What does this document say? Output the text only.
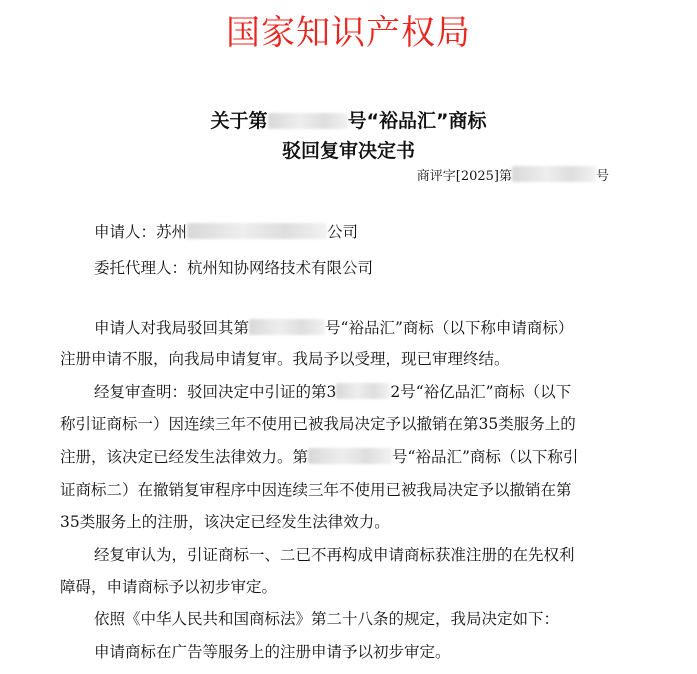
国家知识产权局
关于第	号“裕品汇”商标
驳回复审决定书
商评字[2025]第	号
申请人：苏州	公司
委托代理人：杭州知协网络技术有限公司
申请人对我局驳回其第	号“裕品汇”商标（以下称申请商标）
注册申请不服，向我局申请复审。我局予以受理，现已审理终结。
经复审查明：驳回决定中引证的第3	2号“裕亿品汇”商标（以下
称引证商标一）因连续三年不使用已被我局决定予以撤销在第35类服务上的
注册，该决定已经发生法律效力。第	号“裕品汇”商标（以下称引
证商标二）在撤销复审程序中因连续三年不使用已被我局决定予以撤销在第
35类服务上的注册，该决定已经发生法律效力。
经复审认为，引证商标一、二已不再构成申请商标获准注册的在先权利
障碍，申请商标予以初步审定。
依照《中华人民共和国商标法》第二十八条的规定，我局决定如下：
申请商标在广告等服务上的注册申请予以初步审定。
